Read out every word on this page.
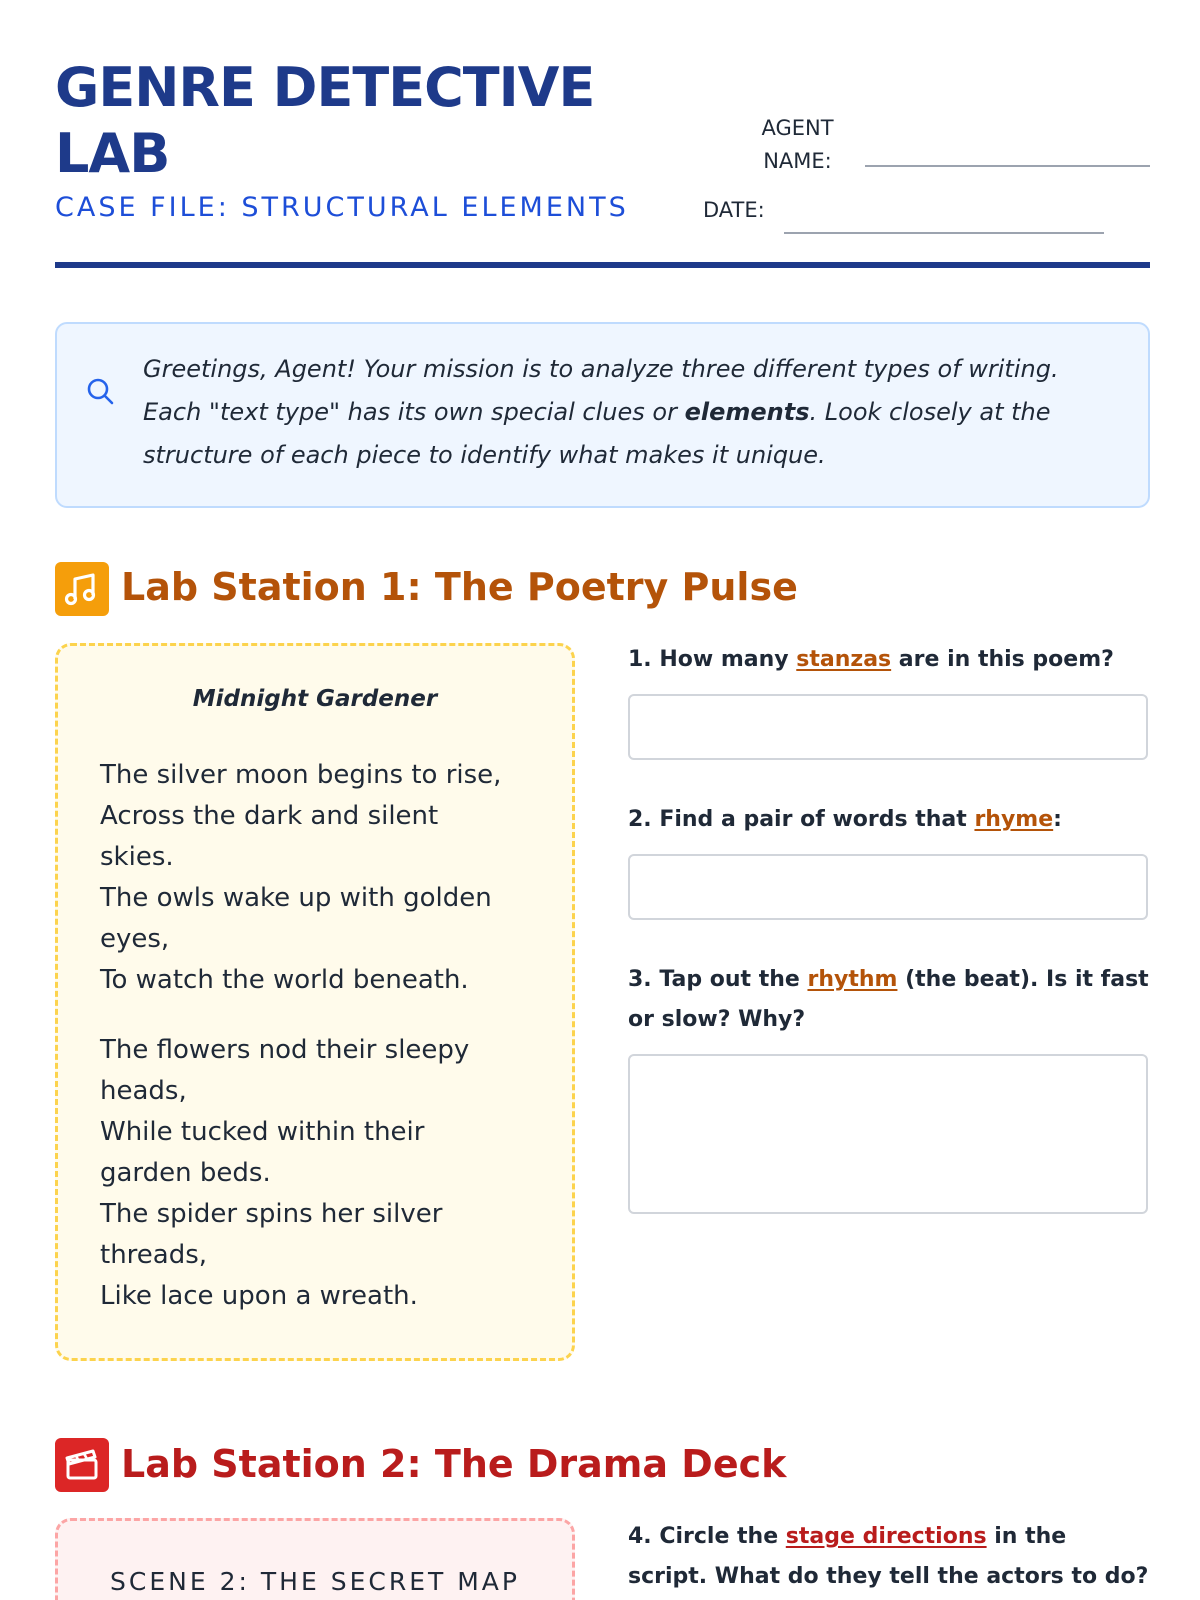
GENRE DETECTIVE
LAB
CASE FILE: STRUCTURAL ELEMENTS
AGENT
NAME:
DATE:
Greetings, Agent! Your mission is to analyze three different types of writing. Each "text type" has its own special clues or elements. Look closely at the structure of each piece to identify what makes it unique.
Lab Station 1: The Poetry Pulse
Midnight Gardener
The silver moon begins to rise,
Across the dark and silent
skies.
The owls wake up with golden
eyes,
To watch the world beneath.
The flowers nod their sleepy
heads,
While tucked within their
garden beds.
The spider spins her silver
threads,
Like lace upon a wreath.
1. How many stanzas are in this poem?
2. Find a pair of words that rhyme:
3. Tap out the rhythm (the beat). Is it fast or slow? Why?
Lab Station 2: The Drama Deck
SCENE 2: THE SECRET MAP
4. Circle the stage directions in the script. What do they tell the actors to do?
